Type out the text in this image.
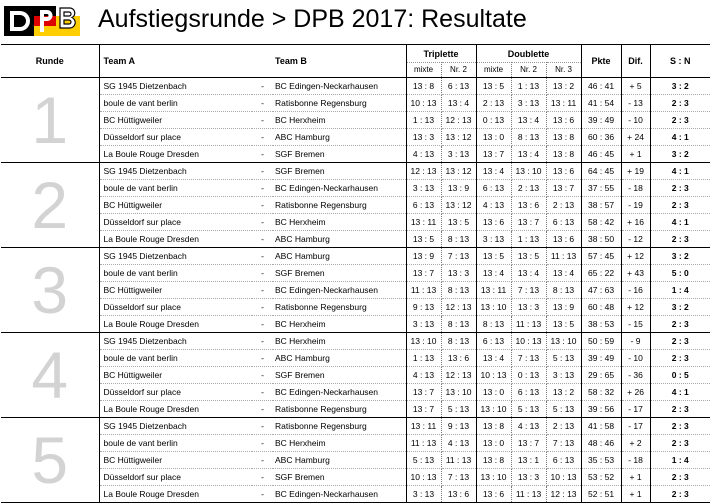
Aufstiegsrunde > DPB 2017: Resultate
Runde	Team A		Team B	Triplette		Doublette			Pkte	Dif.	S : N
				mixte	Nr. 2	mixte	Nr. 2	Nr. 3			
1	SG 1945 Dietzenbach	-	BC Edingen-Neckarhausen	13 : 8	6 : 13	13 : 5	1 : 13	13 : 2	46 : 41	+ 5	3 : 2
	boule de vant berlin	-	Ratisbonne Regensburg	10 : 13	13 : 4	2 : 13	3 : 13	13 : 11	41 : 54	- 13	2 : 3
	BC Hüttigweiler	-	BC Herxheim	1 : 13	12 : 13	0 : 13	13 : 4	13 : 6	39 : 49	- 10	2 : 3
	Düsseldorf sur place	-	ABC Hamburg	13 : 3	13 : 12	13 : 0	8 : 13	13 : 8	60 : 36	+ 24	4 : 1
	La Boule Rouge Dresden	-	SGF Bremen	4 : 13	3 : 13	13 : 7	13 : 4	13 : 8	46 : 45	+ 1	3 : 2
2	SG 1945 Dietzenbach	-	SGF Bremen	12 : 13	13 : 12	13 : 4	13 : 10	13 : 6	64 : 45	+ 19	4 : 1
	boule de vant berlin	-	BC Edingen-Neckarhausen	3 : 13	13 : 9	6 : 13	2 : 13	13 : 7	37 : 55	- 18	2 : 3
	BC Hüttigweiler	-	Ratisbonne Regensburg	6 : 13	13 : 12	4 : 13	13 : 6	2 : 13	38 : 57	- 19	2 : 3
	Düsseldorf sur place	-	BC Herxheim	13 : 11	13 : 5	13 : 6	13 : 7	6 : 13	58 : 42	+ 16	4 : 1
	La Boule Rouge Dresden	-	ABC Hamburg	13 : 5	8 : 13	3 : 13	1 : 13	13 : 6	38 : 50	- 12	2 : 3
3	SG 1945 Dietzenbach	-	ABC Hamburg	13 : 9	7 : 13	13 : 5	13 : 5	11 : 13	57 : 45	+ 12	3 : 2
	boule de vant berlin	-	SGF Bremen	13 : 7	13 : 3	13 : 4	13 : 4	13 : 4	65 : 22	+ 43	5 : 0
	BC Hüttigweiler	-	BC Edingen-Neckarhausen	11 : 13	8 : 13	13 : 11	7 : 13	8 : 13	47 : 63	- 16	1 : 4
	Düsseldorf sur place	-	Ratisbonne Regensburg	9 : 13	12 : 13	13 : 10	13 : 3	13 : 9	60 : 48	+ 12	3 : 2
	La Boule Rouge Dresden	-	BC Herxheim	3 : 13	8 : 13	8 : 13	11 : 13	13 : 5	38 : 53	- 15	2 : 3
4	SG 1945 Dietzenbach	-	BC Herxheim	13 : 10	8 : 13	6 : 13	10 : 13	13 : 10	50 : 59	- 9	2 : 3
	boule de vant berlin	-	ABC Hamburg	1 : 13	13 : 6	13 : 4	7 : 13	5 : 13	39 : 49	- 10	2 : 3
	BC Hüttigweiler	-	SGF Bremen	4 : 13	12 : 13	10 : 13	0 : 13	3 : 13	29 : 65	- 36	0 : 5
	Düsseldorf sur place	-	BC Edingen-Neckarhausen	13 : 7	13 : 10	13 : 0	6 : 13	13 : 2	58 : 32	+ 26	4 : 1
	La Boule Rouge Dresden	-	Ratisbonne Regensburg	13 : 7	5 : 13	13 : 10	5 : 13	5 : 13	39 : 56	- 17	2 : 3
5	SG 1945 Dietzenbach	-	Ratisbonne Regensburg	13 : 11	9 : 13	13 : 8	4 : 13	2 : 13	41 : 58	- 17	2 : 3
	boule de vant berlin	-	BC Herxheim	11 : 13	4 : 13	13 : 0	13 : 7	7 : 13	48 : 46	+ 2	2 : 3
	BC Hüttigweiler	-	ABC Hamburg	5 : 13	11 : 13	13 : 8	13 : 1	6 : 13	35 : 53	- 18	1 : 4
	Düsseldorf sur place	-	SGF Bremen	10 : 13	7 : 13	13 : 10	13 : 3	10 : 13	53 : 52	+ 1	2 : 3
	La Boule Rouge Dresden	-	BC Edingen-Neckarhausen	3 : 13	13 : 6	13 : 6	11 : 13	12 : 13	52 : 51	+ 1	2 : 3
